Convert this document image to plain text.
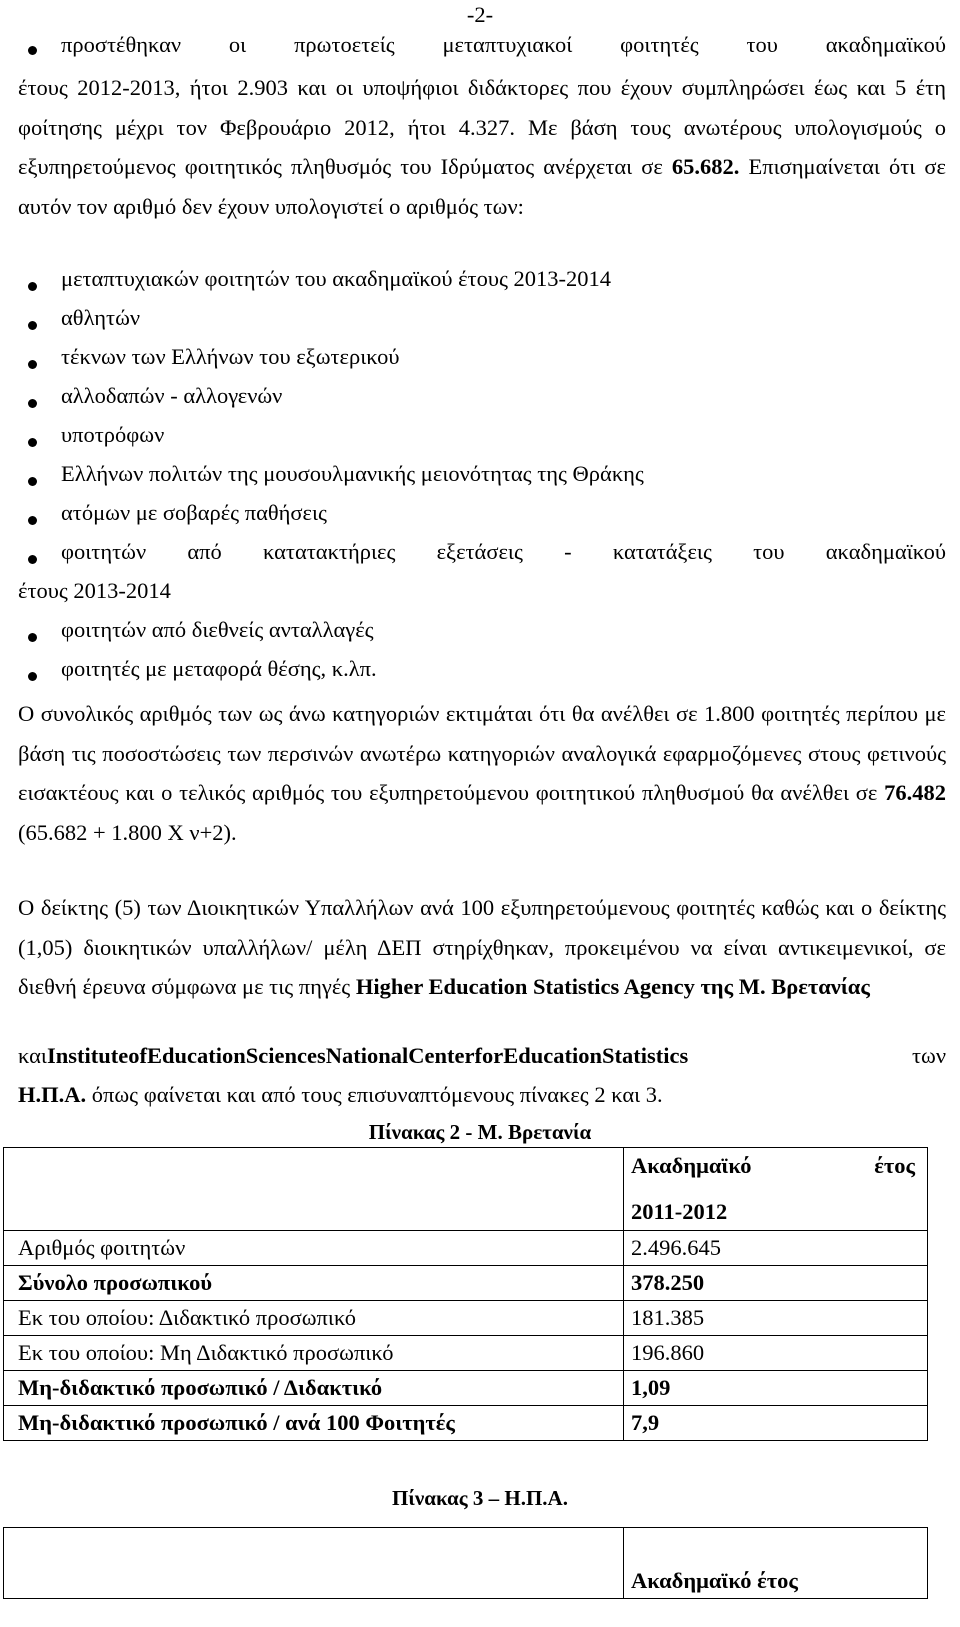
-2-
προστέθηκαν οι πρωτοετείς μεταπτυχιακοί φοιτητές του ακαδημαϊκού
έτους 2012-2013, ήτοι 2.903 και οι υποψήφιοι διδάκτορες που έχουν συμπληρώσει έως και 5 έτη φοίτησης μέχρι τον Φεβρουάριο 2012, ήτοι 4.327. Με βάση τους ανωτέρους υπολογισμούς ο εξυπηρετούμενος φοιτητικός πληθυσμός του Ιδρύματος ανέρχεται σε 65.682. Επισημαίνεται ότι σε αυτόν τον αριθμό δεν έχουν υπολογιστεί ο αριθμός των:
μεταπτυχιακών φοιτητών του ακαδημαϊκού έτους 2013-2014
αθλητών
τέκνων των Ελλήνων του εξωτερικού
αλλοδαπών - αλλογενών
υποτρόφων
Ελλήνων πολιτών της μουσουλμανικής μειονότητας της Θράκης
ατόμων με σοβαρές παθήσεις
φοιτητών από κατατακτήριες εξετάσεις - κατατάξεις του ακαδημαϊκού
έτους 2013-2014
φοιτητών από διεθνείς ανταλλαγές
φοιτητές με μεταφορά θέσης, κ.λπ.
Ο συνολικός αριθμός των ως άνω κατηγοριών εκτιμάται ότι θα ανέλθει σε 1.800 φοιτητές περίπου με βάση τις ποσοστώσεις των περσινών ανωτέρω κατηγοριών αναλογικά εφαρμοζόμενες στους φετινούς εισακτέους και ο τελικός αριθμός του εξυπηρετούμενου φοιτητικού πληθυσμού θα ανέλθει σε 76.482 (65.682 + 1.800 Χ ν+2).
Ο δείκτης (5) των Διοικητικών Υπαλλήλων ανά 100 εξυπηρετούμενους φοιτητές καθώς και ο δείκτης (1,05) διοικητικών υπαλλήλων/ μέλη ΔΕΠ στηρίχθηκαν, προκειμένου να είναι αντικειμενικοί, σε διεθνή έρευνα σύμφωνα με τις πηγές Higher Education Statistics Agency της Μ. Βρετανίας
καιInstituteofEducationSciencesNationalCenterforEducationStatistics	των
Η.Π.Α. όπως φαίνεται και από τους επισυναπτόμενους πίνακες 2 και 3.
Πίνακας 2 - Μ. Βρετανία

	Ακαδημαϊκό έτος
2011-2012

Αριθμός φοιτητών	2.496.645
Σύνολο προσωπικού	378.250
Εκ του οποίου: Διδακτικό προσωπικό	181.385
Εκ του οποίου: Μη Διδακτικό προσωπικό	196.860
Μη-διδακτικό προσωπικό / Διδακτικό	1,09
Μη-διδακτικό προσωπικό / ανά 100 Φοιτητές	7,9
Πίνακας 3 – Η.Π.Α.
	Ακαδημαϊκό έτος
